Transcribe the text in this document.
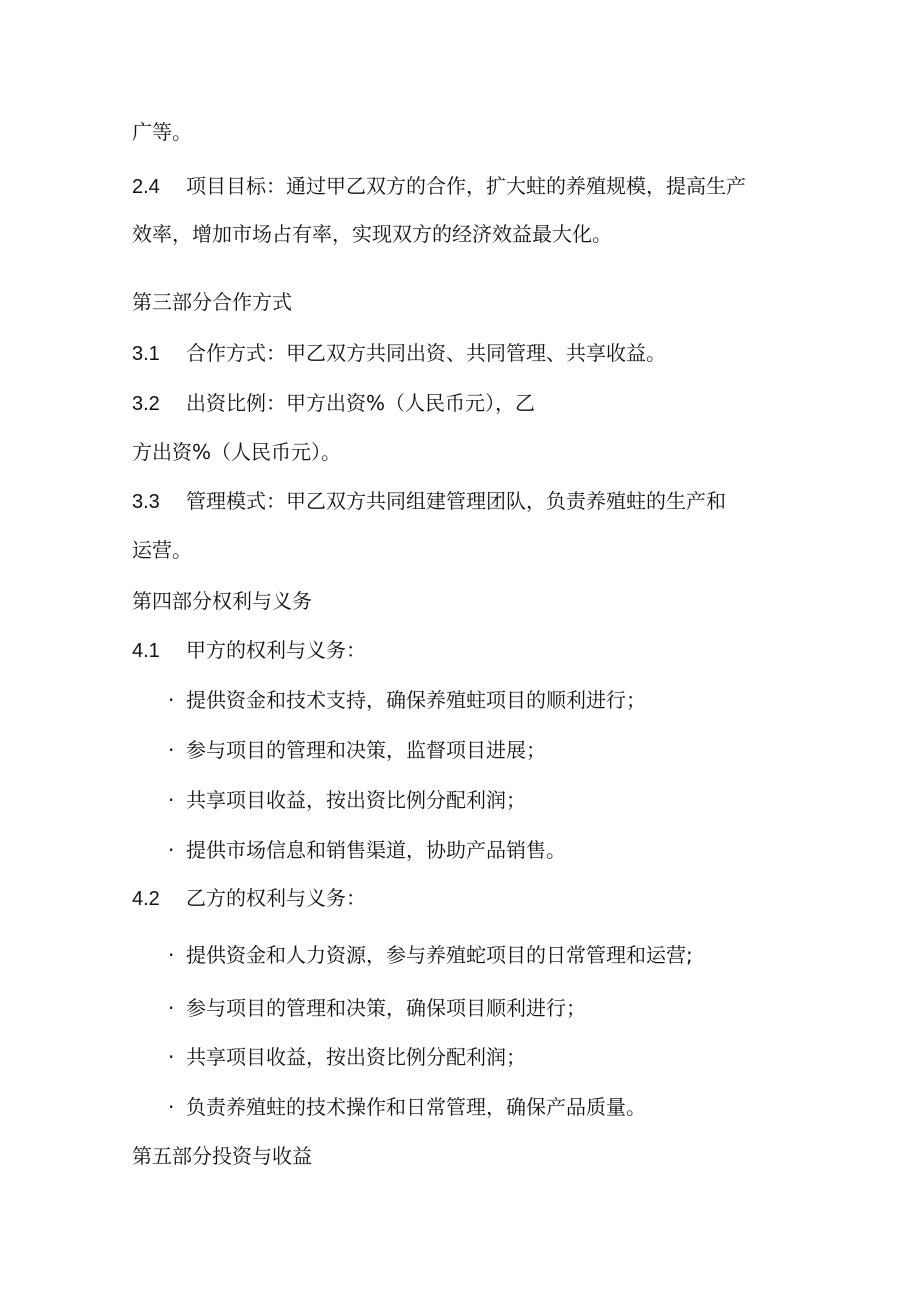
广等。
2.4 项目目标：通过甲乙双方的合作，扩大蛀的养殖规模，提高生产
效率，增加市场占有率，实现双方的经济效益最大化。
第三部分合作方式
3.1 合作方式：甲乙双方共同出资、共同管理、共享收益。
3.2 出资比例：甲方出资%（人民币元），乙
方出资%（人民币元）。
3.3 管理模式：甲乙双方共同组建管理团队，负责养殖蛀的生产和
运营。
第四部分权利与义务
4.1 甲方的权利与义务：
· 提供资金和技术支持，确保养殖蛀项目的顺利进行；
· 参与项目的管理和决策，监督项目进展；
· 共享项目收益，按出资比例分配利润；
· 提供市场信息和销售渠道，协助产品销售。
4.2 乙方的权利与义务：
· 提供资金和人力资源，参与养殖蛇项目的日常管理和运营;
· 参与项目的管理和决策，确保项目顺利进行；
· 共享项目收益，按出资比例分配利润；
· 负责养殖蛀的技术操作和日常管理，确保产品质量。
第五部分投资与收益
